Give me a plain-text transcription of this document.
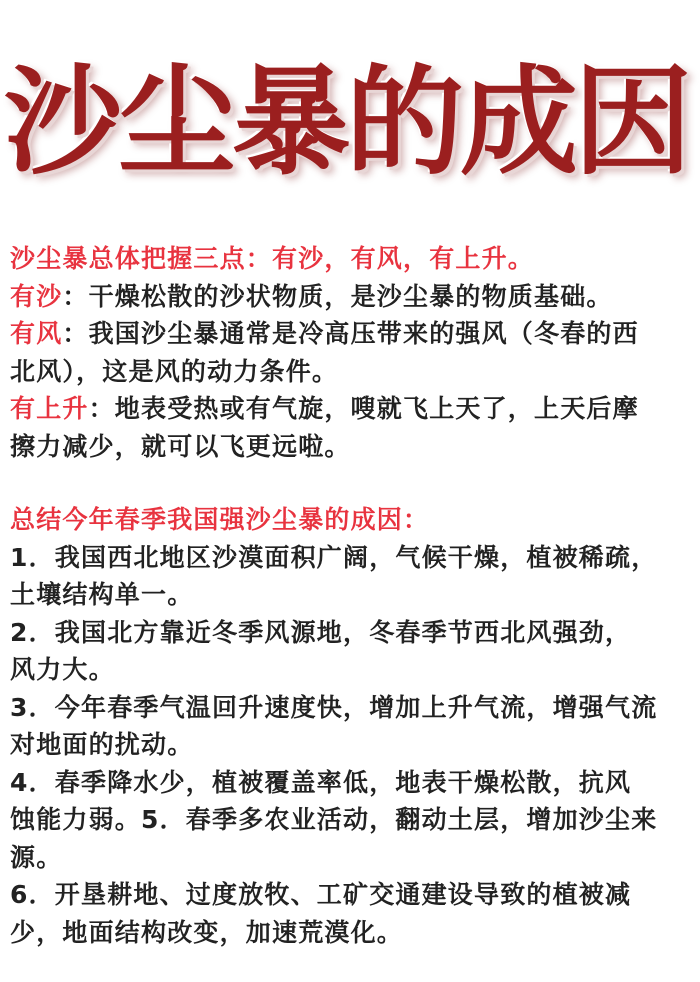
沙尘暴的成因
沙尘暴总体把握三点：有沙，有风，有上升。
有沙：干燥松散的沙状物质，是沙尘暴的物质基础。
有风：我国沙尘暴通常是冷高压带来的强风（冬春的西
北风），这是风的动力条件。
有上升：地表受热或有气旋，嗖就飞上天了，上天后摩
擦力减少，就可以飞更远啦。
总结今年春季我国强沙尘暴的成因：
1．我国西北地区沙漠面积广阔，气候干燥，植被稀疏，
土壤结构单一。
2．我国北方靠近冬季风源地，冬春季节西北风强劲，
风力大。
3．今年春季气温回升速度快，增加上升气流，增强气流
对地面的扰动。
4．春季降水少，植被覆盖率低，地表干燥松散，抗风
蚀能力弱。5．春季多农业活动，翻动土层，增加沙尘来
源。
6．开垦耕地、过度放牧、工矿交通建设导致的植被减
少，地面结构改变，加速荒漠化。
